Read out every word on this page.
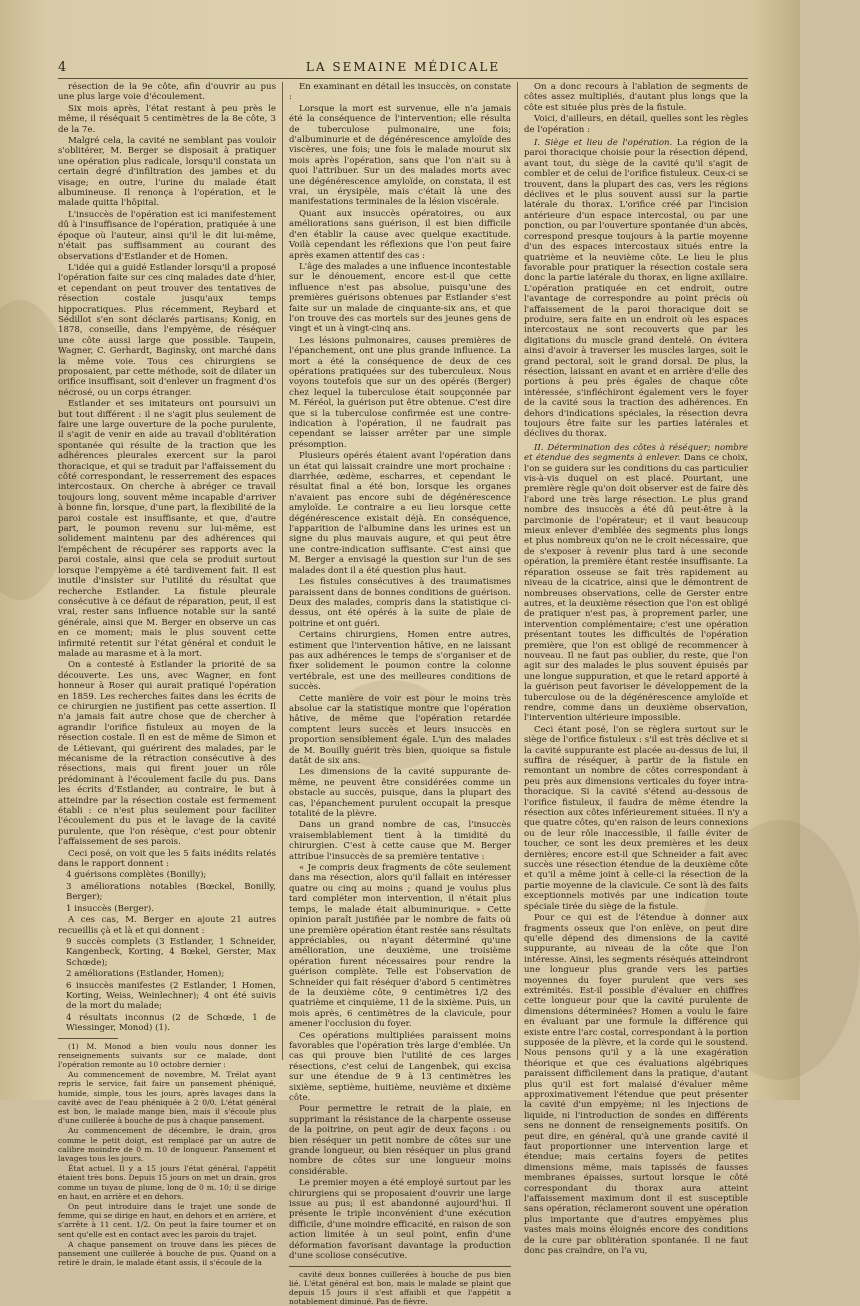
4	LA SEMAINE MÉDICALE

résection de la 9e côte, afin d'ouvrir au pus une plus large voie d'écoulement.

Six mois après, l'état restant à peu près le même, il réséquait 5 centimètres de la 8e côte, 3 de la 7e.

Malgré cela, la cavité ne semblant pas vouloir s'oblitérer, M. Berger se disposait à pratiquer une opération plus radicale, lorsqu'il constata un certain degré d'infiltration des jambes et du visage; en outre, l'urine du malade était albumineuse. Il renonça à l'opération, et le malade quitta l'hôpital.

L'insuccès de l'opération est ici manifestement dû à l'insuffisance de l'opération, pratiquée à une époque où l'auteur, ainsi qu'il le dit lui-même, n'était pas suffisamment au courant des observations d'Estlander et de Homen.

L'idée qui a guidé Estlander lorsqu'il a proposé l'opération faite sur ces cinq malades date d'hier, et cependant on peut trouver des tentatives de résection costale jusqu'aux temps hippocratiques. Plus récemment, Reybard et Sédillot s'en sont déclarés partisans; Konig, en 1878, conseille, dans l'empyème, de réséquer une côte aussi large que possible. Taupein, Wagner, C. Gerhardt, Baginsky, ont marché dans la même voie. Tous ces chirurgiens se proposaient, par cette méthode, soit de dilater un orifice insuffisant, soit d'enlever un fragment d'os nécrosé, ou un corps étranger.

Estlander et ses imitateurs ont poursuivi un but tout différent : il ne s'agit plus seulement de faire une large ouverture de la poche purulente, il s'agit de venir en aide au travail d'oblitération spontanée qui résulte de la traction que les adhérences pleurales exercent sur la paroi thoracique, et qui se traduit par l'affaissement du côté correspondant, le resserrement des espaces intercostaux. On cherche à abréger ce travail toujours long, souvent même incapable d'arriver à bonne fin, lorsque, d'une part, la flexibilité de la paroi costale est insuffisante, et que, d'autre part, le poumon revenu sur lui-même, est solidement maintenu par des adhérences qui l'empêchent de récupérer ses rapports avec la paroi costale, ainsi que cela se produit surtout lorsque l'empyème a été tardivement fait. Il est inutile d'insister sur l'utilité du résultat que recherche Estlander. La fistule pleurale consécutive à ce défaut de réparation, peut, il est vrai, rester sans influence notable sur la santé générale, ainsi que M. Berger en observe un cas en ce moment; mais le plus souvent cette infirmité retentit sur l'état général et conduit le malade au marasme et à la mort.

On a contesté à Estlander la priorité de sa découverte. Les uns, avec Wagner, en font honneur à Roser qui aurait pratiqué l'opération en 1859. Les recherches faites dans les écrits de ce chirurgien ne justifient pas cette assertion. Il n'a jamais fait autre chose que de chercher à agrandir l'orifice fistuleux au moyen de la résection costale. Il en est de même de Simon et de Létievant, qui guérirent des malades, par le mécanisme de la rétraction consécutive à des résections, mais qui firent jouer un rôle prédominant à l'écoulement facile du pus. Dans les écrits d'Estlander, au contraire, le but à atteindre par la résection costale est fermement établi : ce n'est plus seulement pour faciliter l'écoulement du pus et le lavage de la cavité purulente, que l'on résèque, c'est pour obtenir l'affaissement de ses parois.

Ceci posé, on voit que les 5 faits inédits relatés dans le rapport donnent :

4 guérisons complètes (Bonilly);

3 améliorations notables (Bœckel, Bonilly, Berger);

1 insuccès (Berger).

A ces cas, M. Berger en ajoute 21 autres recueillis çà et là et qui donnent :

9 succès complets (3 Estlander, 1 Schneider, Kangenbeck, Korting, 4 Bœkel, Gerster, Max Schœde);

2 améliorations (Estlander, Homen);

6 insuccès manifestes (2 Estlander, 1 Homen, Korting, Weiss, Weinlechner); 4 ont été suivis de la mort du malade;

4 résultats inconnus (2 de Schœde, 1 de Wiessinger, Monod) (1).

(1) M. Monod a bien voulu nous donner les renseignements suivants sur ce malade, dont l'opération remonte au 10 octobre dernier :

Au commencement de novembre, M. Trélat ayant repris le service, fait faire un pansement phéniqué, humide, simple, tous les jours, après lavages dans la cavité avec de l'eau phéniquée à 2 0/0. L'état général est bon, le malade mange bien, mais il s'écoule plus d'une cuillerée à bouche de pus à chaque pansement.

Au commencement de décembre, le drain, gros comme le petit doigt, est remplacé par un autre de calibre moindre de 0 m. 10 de longueur. Pansement et lavages tous les jours.

État actuel. Il y a 15 jours l'état général, l'appétit étaient très bons. Depuis 15 jours on met un drain, gros comme un tuyau de plume, long de 0 m. 10; il se dirige en haut, en arrière et en dehors.

On peut introduire dans le trajet une sonde de femme, qui se dirige en haut, en dehors et en arrière, et s'arrête à 11 cent. 1/2. On peut la faire tourner et on sent qu'elle est en contact avec les parois du trajet.

A chaque pansement on trouve dans les pièces de pansement une cuillerée à bouche de pus. Quand on a retiré le drain, le malade étant assis, il s'écoule de la

En examinant en détail les insuccès, on constate :

Lorsque la mort est survenue, elle n'a jamais été la conséquence de l'intervention; elle résulta de tuberculose pulmonaire, une fois; d'albuminurie et de dégénérescence amyloïde des viscères, une fois; une fois le malade mourut six mois après l'opération, sans que l'on n'ait su à quoi l'attribuer. Sur un des malades morts avec une dégénérescence amyloïde, on constata, il est vrai, un érysipèle, mais c'était là une des manifestations terminales de la lésion viscérale.

Quant aux insuccès opératoires, ou aux améliorations sans guérison, il est bien difficile d'en établir la cause avec quelque exactitude. Voilà cependant les réflexions que l'on peut faire après examen attentif des cas :

L'âge des malades a une influence incontestable sur le dénouement, encore est-il que cette influence n'est pas absolue, puisqu'une des premières guérisons obtenues par Estlander s'est faite sur un malade de cinquante-six ans, et que l'on trouve des cas mortels sur des jeunes gens de vingt et un à vingt-cinq ans.

Les lésions pulmonaires, causes premières de l'épanchement, ont une plus grande influence. La mort a été la conséquence de deux de ces opérations pratiquées sur des tuberculeux. Nous voyons toutefois que sur un des opérés (Berger) chez lequel la tuberculose était soupçonnée par M. Féréol, la guérison put être obtenue. C'est dire que si la tuberculose confirmée est une contre-indication à l'opération, il ne faudrait pas cependant se laisser arrêter par une simple présomption.

Plusieurs opérés étaient avant l'opération dans un état qui laissait craindre une mort prochaine : diarrhée, œdème, escharres, et cependant le résultat final a été bon, lorsque les organes n'avaient pas encore subi de dégénérescence amyloïde. Le contraire a eu lieu lorsque cette dégénérescence existait déjà. En conséquence, l'apparition de l'albumine dans les urines est un signe du plus mauvais augure, et qui peut être une contre-indication suffisante. C'est ainsi que M. Berger a envisagé la question sur l'un de ses malades dont il a été question plus haut.

Les fistules consécutives à des traumatismes paraissent dans de bonnes conditions de guérison. Deux des malades, compris dans la statistique ci-dessus, ont été opérés à la suite de plaie de poitrine et ont guéri.

Certains chirurgiens, Homen entre autres, estiment que l'intervention hâtive, en ne laissant pas aux adhérences le temps de s'organiser et de fixer solidement le poumon contre la colonne vertébrale, est une des meilleures conditions de succès.

Cette manière de voir est pour le moins très absolue car la statistique montre que l'opération hâtive, de même que l'opération retardée comptent leurs succès et leurs insuccès en proportion sensiblement égale. L'un des malades de M. Bouilly guérit très bien, quoique sa fistule datât de six ans.

Les dimensions de la cavité suppurante de-même, ne peuvent être considérées comme un obstacle au succès, puisque, dans la plupart des cas, l'épanchement purulent occupait la presque totalité de la plèvre.

Dans un grand nombre de cas, l'insuccès vraisemblablement tient à la timidité du chirurgien. C'est à cette cause que M. Berger attribue l'insuccès de sa première tentative :

« Je compris deux fragments de côte seulement dans ma résection, alors qu'il fallait en intéresser quatre ou cinq au moins ; quand je voulus plus tard compléter mon intervention, il n'était plus temps, le malade était albuminurique. » Cette opinion paraît justifiée par le nombre de faits où une première opération étant restée sans résultats appréciables, ou n'ayant déterminé qu'une amélioration, une deuxième, une troisième opération furent nécessaires pour rendre la guérison complète. Telle est l'observation de Schneider qui fait réséquer d'abord 5 centimètres de la deuxième côte, 9 centimètres 1/2 des quatrième et cinquième, 11 de la sixième. Puis, un mois après, 6 centimètres de la clavicule, pour amener l'occlusion du foyer.

Ces opérations multipliées paraissent moins favorables que l'opération très large d'emblée. Un cas qui prouve bien l'utilité de ces larges résections, c'est celui de Langenbek, qui excisa sur une étendue de 9 à 13 centimètres les sixième, septième, huitième, neuvième et dixième côte.

Pour permettre le retrait de la plaie, en supprimant la résistance de la charpente osseuse de la poitrine, on peut agir de deux façons : ou bien réséquer un petit nombre de côtes sur une grande longueur, ou bien réséquer un plus grand nombre de côtes sur une longueur moins considérable.

Le premier moyen a été employé surtout par les chirurgiens qui se proposaient d'ouvrir une large issue au pus; il est abandonné aujourd'hui. Il présente le triple inconvénient d'une exécution difficile, d'une moindre efficacité, en raison de son action limitée à un seul point, enfin d'une déformation favorisant davantage la production d'une scoliose consécutive.

cavité deux bonnes cuillerées à bouche de pus bien lié. L'état général est bon, mais le malade se plaint que depuis 15 jours il s'est affaibli et que l'appétit a notablement diminué. Pas de fièvre.

On a donc recours à l'ablation de segments de côtes assez multipliés, d'autant plus longs que la côte est située plus près de la fistule.

Voici, d'ailleurs, en détail, quelles sont les règles de l'opération :

I. Siège et lieu de l'opération. La région de la paroi thoracique choisie pour la résection dépend, avant tout, du siège de la cavité qu'il s'agit de combler et de celui de l'orifice fistuleux. Ceux-ci se trouvent, dans la plupart des cas, vers les régions déclives et le plus souvent aussi sur la partie latérale du thorax. L'orifice créé par l'incision antérieure d'un espace intercostal, ou par une ponction, ou par l'ouverture spontanée d'un abcès, correspond presque toujours à la partie moyenne d'un des espaces intercostaux situés entre la quatrième et la neuvième côte. Le lieu le plus favorable pour pratiquer la résection costale sera donc la partie latérale du thorax, en ligne axillaire. L'opération pratiquée en cet endroit, outre l'avantage de correspondre au point précis où l'affaissement de la paroi thoracique doit se produire, sera faite en un endroit où les espaces intercostaux ne sont recouverts que par les digitations du muscle grand dentelé. On évitera ainsi d'avoir à traverser les muscles larges, soit le grand pectoral, soit le grand dorsal. De plus, la résection, laissant en avant et en arrière d'elle des portions à peu près égales de chaque côte intéressée, s'infléchiront également vers le foyer de la cavité sous la traction des adhérences. En dehors d'indications spéciales, la résection devra toujours être faite sur les parties latérales et déclives du thorax.

II. Détermination des côtes à réséquer; nombre et étendue des segments à enlever. Dans ce choix, l'on se guidera sur les conditions du cas particulier vis-à-vis duquel on est placé. Pourtant, une première règle qu'on doit observer est de faire dès l'abord une très large résection. Le plus grand nombre des insuccès a été dû peut-être à la parcimonie de l'opérateur; et il vaut beaucoup mieux enlever d'emblée des segments plus longs et plus nombreux qu'on ne le croit nécessaire, que de s'exposer à revenir plus tard à une seconde opération, la première étant restée insuffisante. La réparation osseuse se fait très rapidement au niveau de la cicatrice, ainsi que le démontrent de nombreuses observations, celle de Gerster entre autres, et la deuxième résection que l'on est obligé de pratiquer n'est pas, à proprement parler, une intervention complémentaire; c'est une opération présentant toutes les difficultés de l'opération première, que l'on est obligé de recommencer à nouveau. Il ne faut pas oublier, du reste, que l'on agit sur des malades le plus souvent épuisés par une longue suppuration, et que le retard apporté à la guérison peut favoriser le développement de la tuberculose ou de la dégénérescence amyloïde et rendre, comme dans un deuxième observation, l'intervention ultérieure impossible.

Ceci étant posé, l'on se règlera surtout sur le siège de l'orifice fistuleux : s'il est très déclive et si la cavité suppurante est placée au-dessus de lui, il suffira de réséquer, à partir de la fistule en remontant un nombre de côtes correspondant à peu près aux dimensions verticales du foyer intra-thoracique. Si la cavité s'étend au-dessous de l'orifice fistuleux, il faudra de même étendre la résection aux côtes inférieurement situées. Il n'y a que quatre côtes, qu'en raison de leurs connexions ou de leur rôle inaccessible, il faille éviter de toucher, ce sont les deux premières et les deux dernières; encore est-il que Schneider a fait avec succès une résection étendue de la deuxième côte et qu'il a même joint à celle-ci la résection de la partie moyenne de la clavicule. Ce sont là des faits exceptionnels motivés par une indication toute spéciale tirée du siège de la fistule.

Pour ce qui est de l'étendue à donner aux fragments osseux que l'on enlève, on peut dire qu'elle dépend des dimensions de la cavité suppurante, au niveau de la côte que l'on intéresse. Ainsi, les segments réséqués atteindront une longueur plus grande vers les parties moyennes du foyer purulent que vers ses extrémités. Est-il possible d'évaluer en chiffres cette longueur pour que la cavité purulente de dimensions déterminées? Homen a voulu le faire en évaluant par une formule la différence qui existe entre l'arc costal, correspondant à la portion supposée de la plèvre, et la corde qui le soustend. Nous pensons qu'il y a là une exagération théorique et que ces évaluations algébriques paraissent difficilement dans la pratique, d'autant plus qu'il est fort malaisé d'évaluer même approximativement l'étendue que peut présenter la cavité d'un empyème; ni les injections de liquide, ni l'introduction de sondes en différents sens ne donnent de renseignements positifs. On peut dire, en général, qu'à une grande cavité il faut proportionner une intervention large et étendue; mais certains foyers de petites dimensions même, mais tapissés de fausses membranes épaisses, surtout lorsque le côté correspondant du thorax aura atteint l'affaissement maximum dont il est susceptible sans opération, réclameront souvent une opération plus importante que d'autres empyèmes plus vastes mais moins éloignés encore des conditions de la cure par oblitération spontanée. Il ne faut donc pas craindre, on l'a vu,
